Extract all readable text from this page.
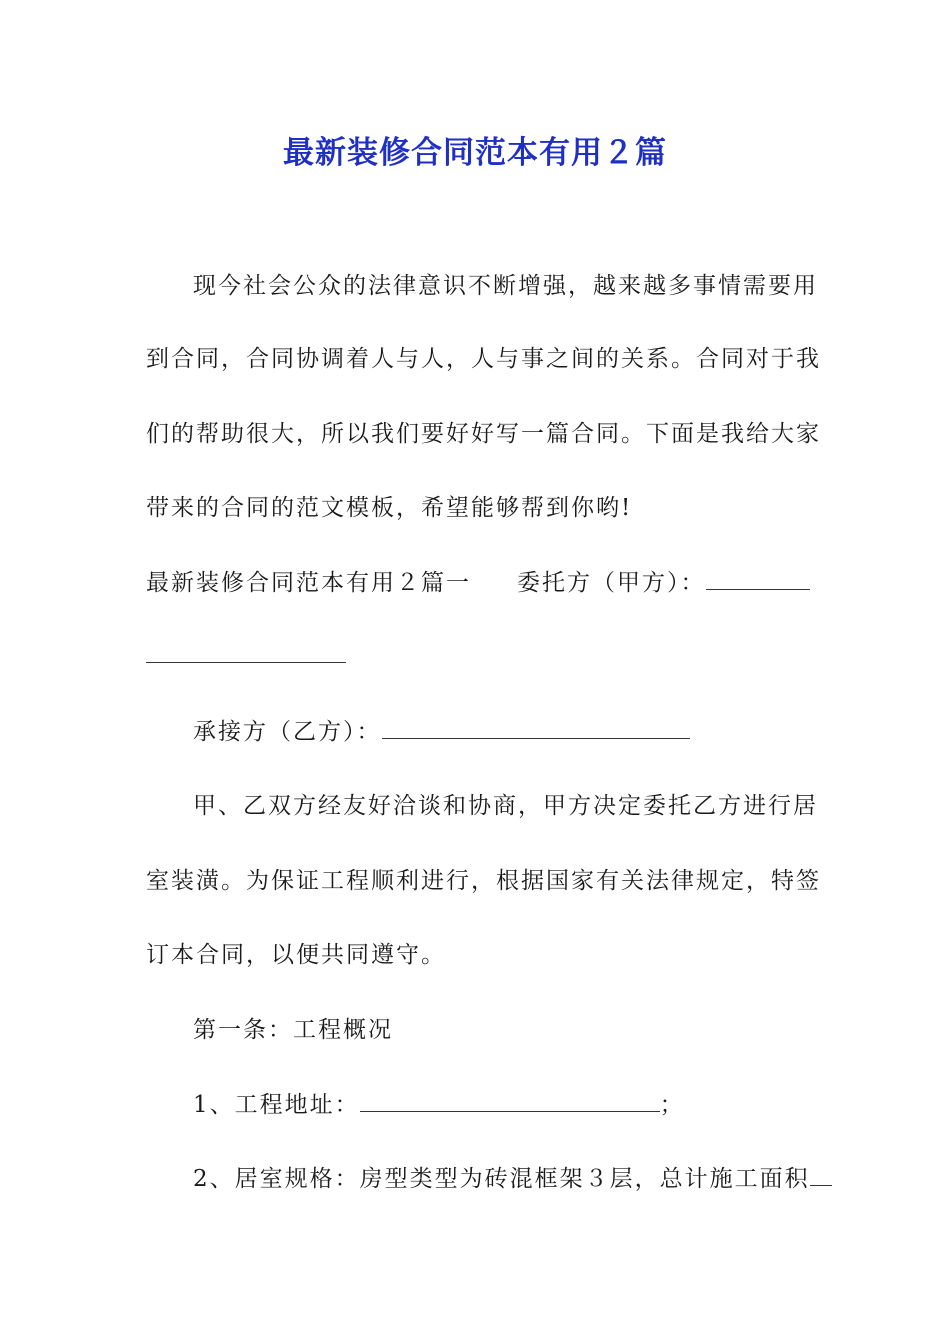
最新装修合同范本有用２篇
现今社会公众的法律意识不断增强，越来越多事情需要用
到合同，合同协调着人与人，人与事之间的关系。合同对于我
们的帮助很大，所以我们要好好写一篇合同。下面是我给大家
带来的合同的范文模板，希望能够帮到你哟!
最新装修合同范本有用２篇一 委托方（甲方）：
承接方（乙方）：
甲、乙双方经友好洽谈和协商，甲方决定委托乙方进行居
室装潢。为保证工程顺利进行，根据国家有关法律规定，特签
订本合同，以便共同遵守。
第一条：工程概况
1、工程地址：	；
2、居室规格：房型类型为砖混框架３层，总计施工面积
